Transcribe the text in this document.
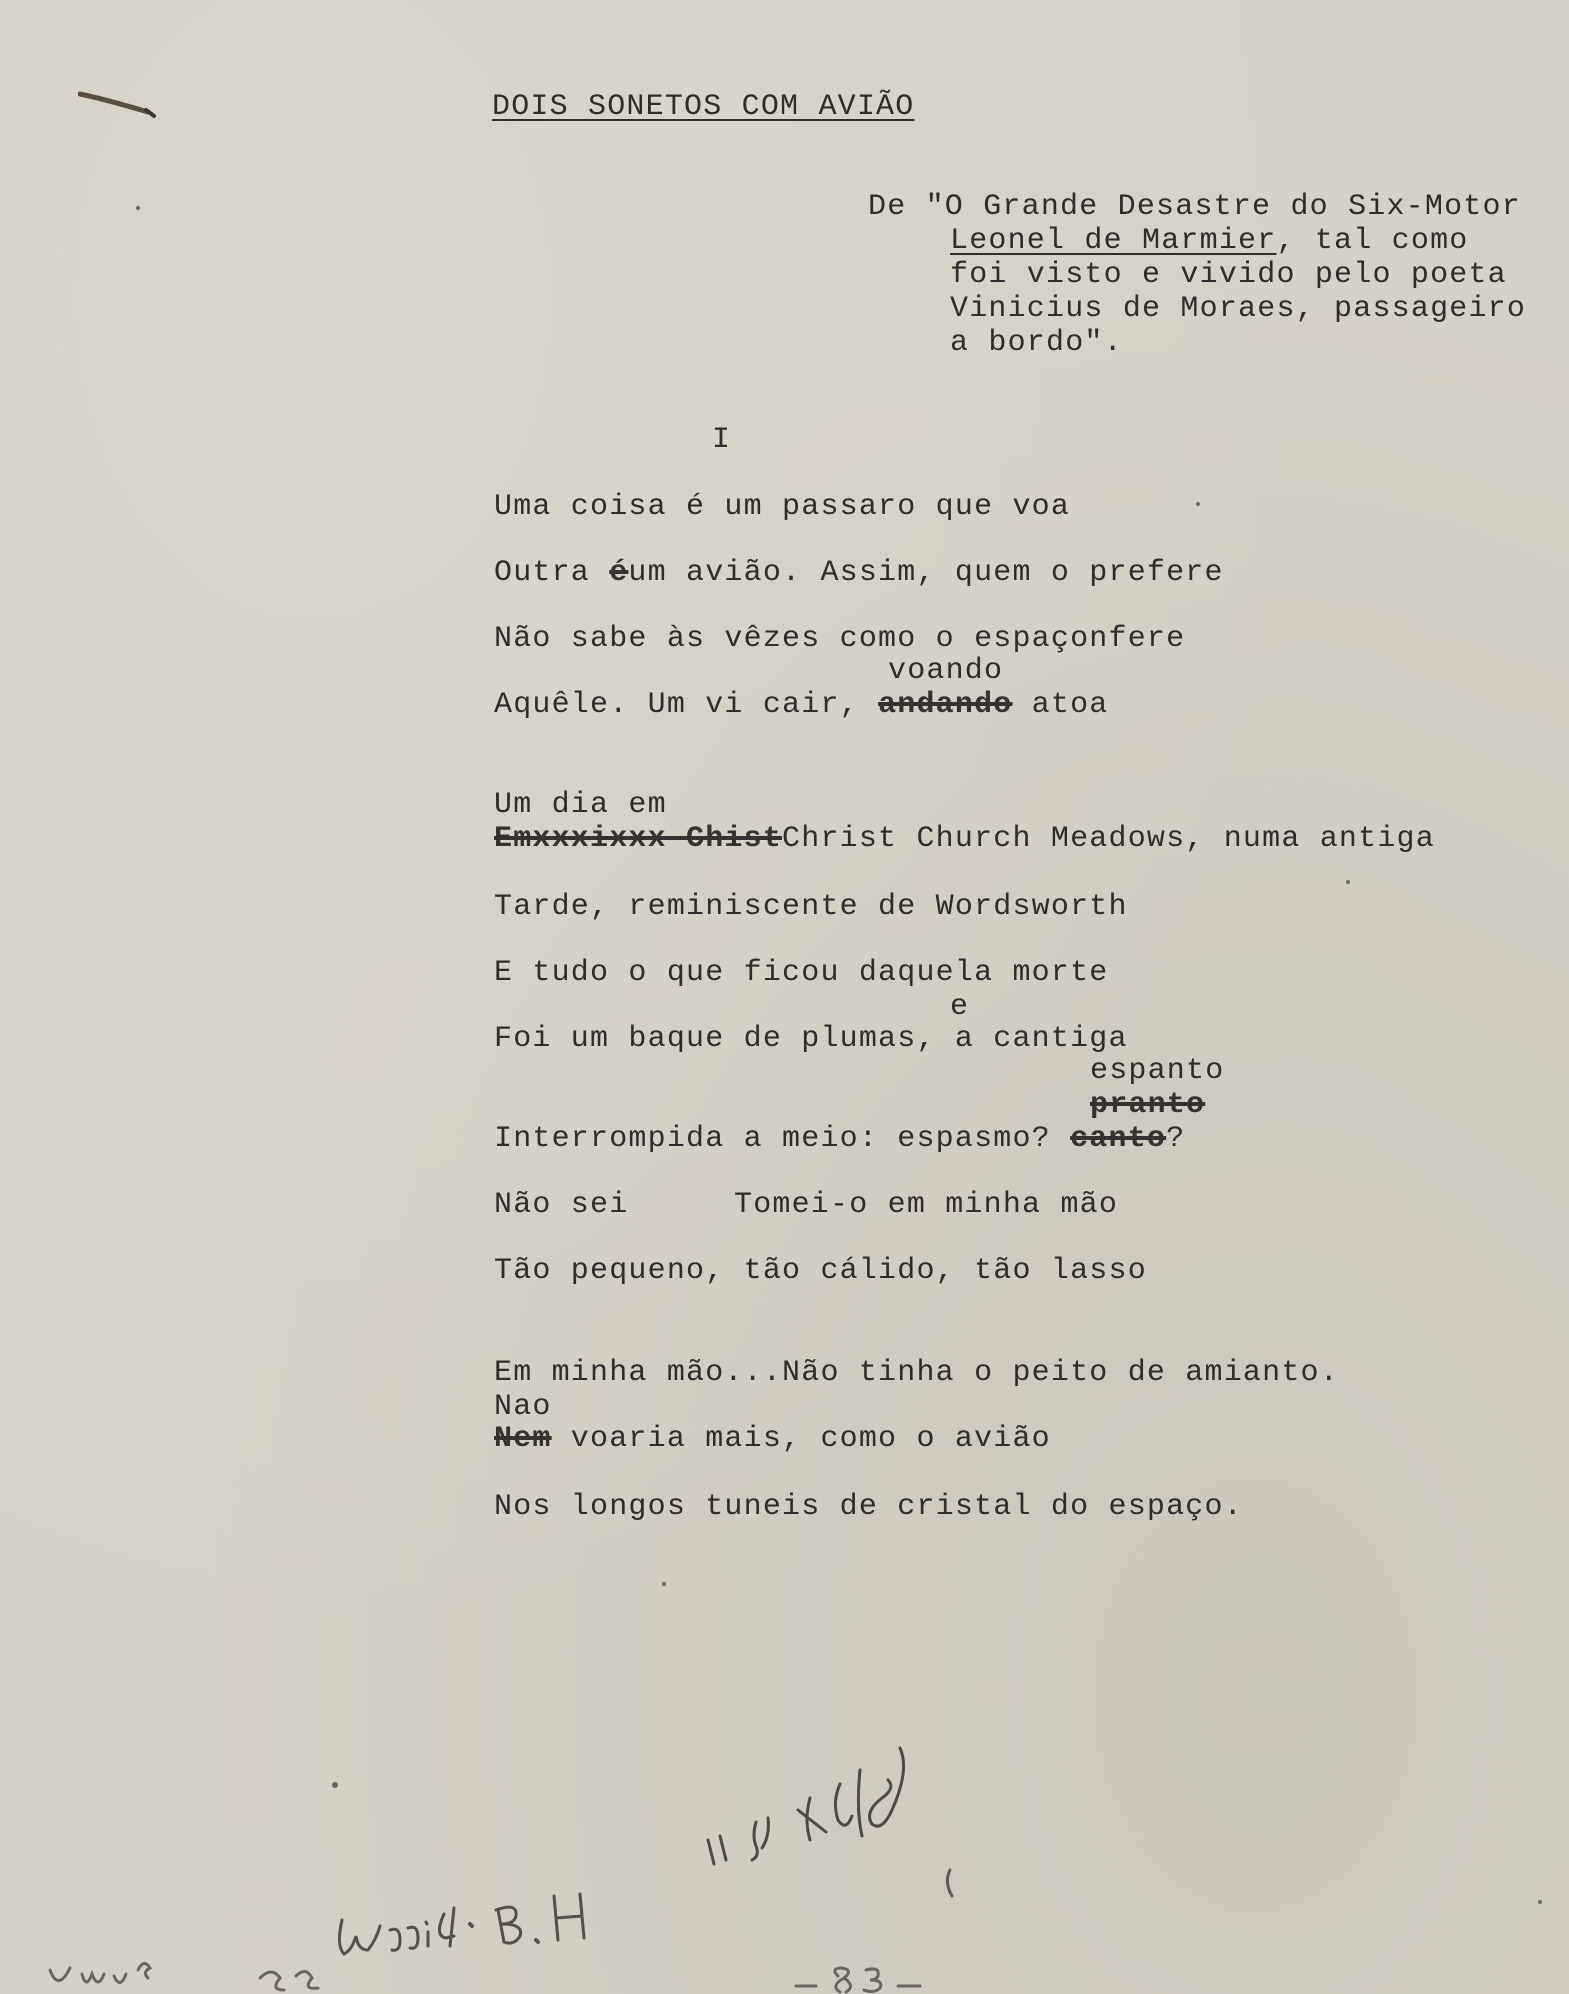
DOIS SONETOS COM AVIÃO
De "O Grande Desastre do Six-Motor
Leonel de Marmier, tal como
foi visto e vivido pelo poeta
Vinicius de Moraes, passageiro
a bordo".
I
Uma coisa é um passaro que voa
Outra éum avião. Assim, quem o prefere
Não sabe às vêzes como o espaçonfere
voando
Aquêle. Um vi cair, andando atoa
Um dia em
Emxxxixxx ChistChrist Church Meadows, numa antiga
Tarde, reminiscente de Wordsworth
E tudo o que ficou daquela morte
e
Foi um baque de plumas, a cantiga
espanto
pranto
Interrompida a meio: espasmo? canto?
Não sei	Tomei-o em minha mão
Tão pequeno, tão cálido, tão lasso
Em minha mão...Não tinha o peito de amianto.
Nao
Nem voaria mais, como o avião
Nos longos tuneis de cristal do espaço.
